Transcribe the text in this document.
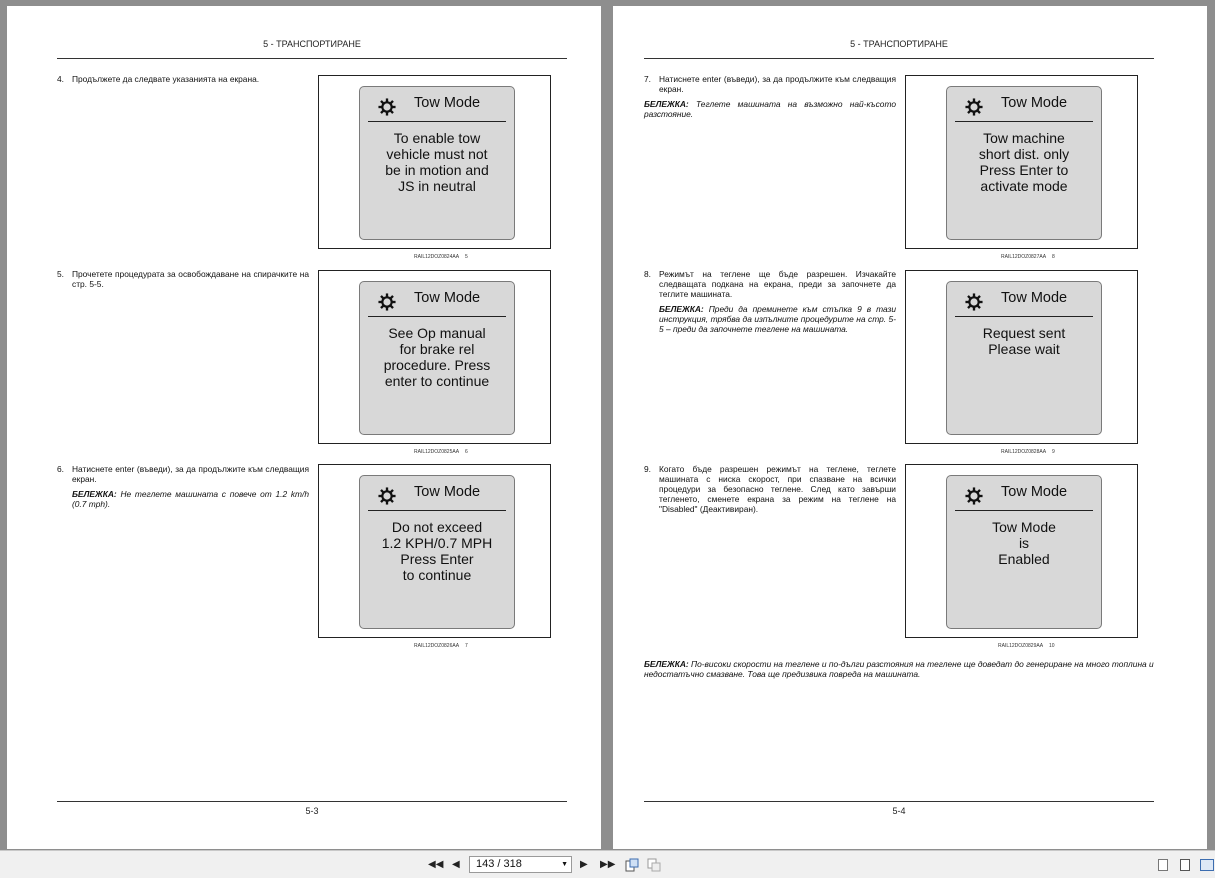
5 - ТРАНСПОРТИРАНЕ
4. Продължете да следвате указанията на екрана.
Tow Mode
To enable tow
vehicle must not
be in motion and
JS in neutral
RAIL12DOZ0824AA 5
5. Прочетете процедурата за освобождаване на спирачките на стр. 5-5.
Tow Mode
See Op manual
for brake rel
procedure. Press
enter to continue
RAIL12DOZ0825AA 6
6. Натиснете enter (въведи), за да продължите към следващия екран.
БЕЛЕЖКА: Не теглете машината с повече от 1.2 km/h (0.7 mph).
Tow Mode
Do not exceed
1.2 KPH/0.7 MPH
Press Enter
to continue
RAIL12DOZ0826AA 7
5-3
5 - ТРАНСПОРТИРАНЕ
7. Натиснете enter (въведи), за да продължите към следващия екран.
БЕЛЕЖКА: Теглете машината на възможно най-късото разстояние.
Tow Mode
Tow machine
short dist. only
Press Enter to
activate mode
RAIL12DOZ0827AA 8
8. Режимът на теглене ще бъде разрешен. Изчакайте следващата подкана на екрана, преди за започнете да теглите машината.
БЕЛЕЖКА: Преди да преминете към стъпка 9 в тази инструкция, трябва да изпълните процедурите на стр. 5-5 – преди да започнете теглене на машината.
Tow Mode
Request sent
Please wait
RAIL12DOZ0828AA 9
9. Когато бъде разрешен режимът на теглене, теглете машината с ниска скорост, при спазване на всички процедури за безопасно теглене. След като завърши тегленето, сменете екрана за режим на теглене на "Disabled" (Деактивиран).
Tow Mode
Tow Mode
is
Enabled
RAIL12DOZ0829AA 10
БЕЛЕЖКА: По-високи скорости на теглене и по-дълги разстояния на теглене ще доведат до генериране на много топлина и недостатъчно смазване. Това ще предизвика повреда на машината.
5-4
◀◀ ◀	143 / 318	▼ ▶ ▶▶
